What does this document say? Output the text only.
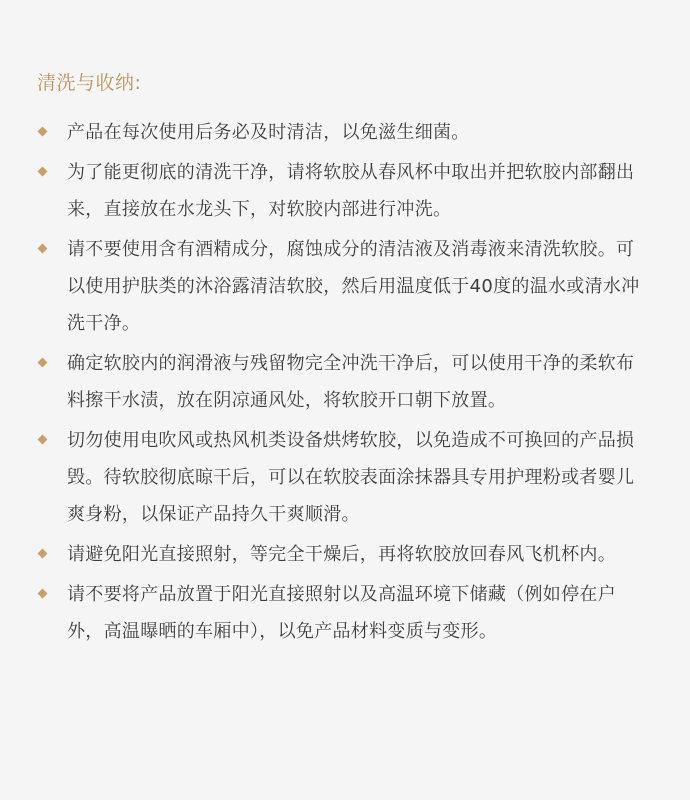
清洗与收纳:
产品在每次使用后务必及时清洁，以免滋生细菌。
为了能更彻底的清洗干净，请将软胶从春风杯中取出并把软胶内部翻出来，直接放在水龙头下，对软胶内部进行冲洗。
请不要使用含有酒精成分，腐蚀成分的清洁液及消毒液来清洗软胶。可以使用护肤类的沐浴露清洁软胶，然后用温度低于40度的温水或清水冲洗干净。
确定软胶内的润滑液与残留物完全冲洗干净后，可以使用干净的柔软布料擦干水渍，放在阴凉通风处，将软胶开口朝下放置。
切勿使用电吹风或热风机类设备烘烤软胶，以免造成不可换回的产品损毁。待软胶彻底晾干后，可以在软胶表面涂抹器具专用护理粉或者婴儿爽身粉，以保证产品持久干爽顺滑。
请避免阳光直接照射，等完全干燥后，再将软胶放回春风飞机杯内。
请不要将产品放置于阳光直接照射以及高温环境下储藏（例如停在户外，高温曝晒的车厢中），以免产品材料变质与变形。
